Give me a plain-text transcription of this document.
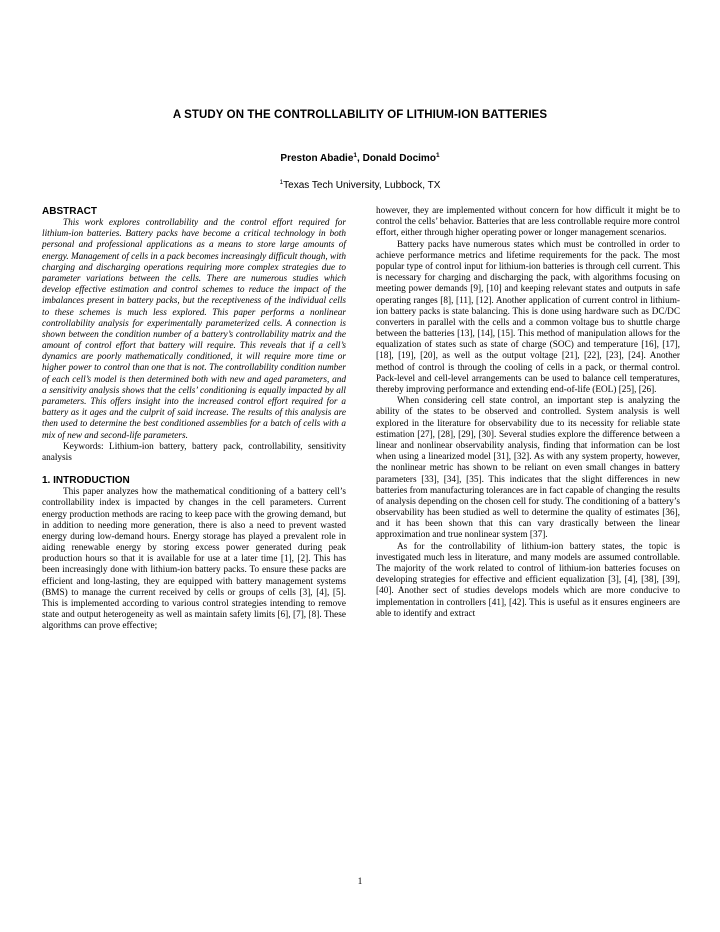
A STUDY ON THE CONTROLLABILITY OF LITHIUM-ION BATTERIES
Preston Abadie$^1$, Donald Docimo$^1$
$^1$Texas Tech University, Lubbock, TX
ABSTRACT

This work explores controllability and the control effort required for lithium-ion batteries. Battery packs have become a critical technology in both personal and professional applications as a means to store large amounts of energy. Management of cells in a pack becomes increasingly difficult though, with charging and discharging operations requiring more complex strategies due to parameter variations between the cells. There are numerous studies which develop effective estimation and control schemes to reduce the impact of the imbalances present in battery packs, but the receptiveness of the individual cells to these schemes is much less explored. This paper performs a nonlinear controllability analysis for experimentally parameterized cells. A connection is shown between the condition number of a battery’s controllability matrix and the amount of control effort that battery will require. This reveals that if a cell’s dynamics are poorly mathematically conditioned, it will require more time or higher power to control than one that is not. The controllability condition number of each cell’s model is then determined both with new and aged parameters, and a sensitivity analysis shows that the cells’ conditioning is equally impacted by all parameters. This offers insight into the increased control effort required for a battery as it ages and the culprit of said increase. The results of this analysis are then used to determine the best conditioned assemblies for a batch of cells with a mix of new and second-life parameters.

Keywords: Lithium-ion battery, battery pack, controllability, sensitivity analysis

1. INTRODUCTION

This paper analyzes how the mathematical conditioning of a battery cell’s controllability index is impacted by changes in the cell parameters. Current energy production methods are racing to keep pace with the growing demand, but in addition to needing more generation, there is also a need to prevent wasted energy during low-demand hours. Energy storage has played a prevalent role in aiding renewable energy by storing excess power generated during peak production hours so that it is available for use at a later time [1], [2]. This has been increasingly done with lithium-ion battery packs. To ensure these packs are efficient and long-lasting, they are equipped with battery management systems (BMS) to manage the current received by cells or groups of cells [3], [4], [5]. This is implemented according to various control strategies intending to remove state and output heterogeneity as well as maintain safety limits [6], [7], [8]. These algorithms can prove effective;

however, they are implemented without concern for how difficult it might be to control the cells’ behavior. Batteries that are less controllable require more control effort, either through higher operating power or longer management scenarios.

Battery packs have numerous states which must be controlled in order to achieve performance metrics and lifetime requirements for the pack. The most popular type of control input for lithium-ion batteries is through cell current. This is necessary for charging and discharging the pack, with algorithms focusing on meeting power demands [9], [10] and keeping relevant states and outputs in safe operating ranges [8], [11], [12]. Another application of current control in lithium-ion battery packs is state balancing. This is done using hardware such as DC/DC converters in parallel with the cells and a common voltage bus to shuttle charge between the batteries [13], [14], [15]. This method of manipulation allows for the equalization of states such as state of charge (SOC) and temperature [16], [17], [18], [19], [20], as well as the output voltage [21], [22], [23], [24]. Another method of control is through the cooling of cells in a pack, or thermal control. Pack-level and cell-level arrangements can be used to balance cell temperatures, thereby improving performance and extending end-of-life (EOL) [25], [26].

When considering cell state control, an important step is analyzing the ability of the states to be observed and controlled. System analysis is well explored in the literature for observability due to its necessity for reliable state estimation [27], [28], [29], [30]. Several studies explore the difference between a linear and nonlinear observability analysis, finding that information can be lost when using a linearized model [31], [32]. As with any system property, however, the nonlinear metric has shown to be reliant on even small changes in battery parameters [33], [34], [35]. This indicates that the slight differences in new batteries from manufacturing tolerances are in fact capable of changing the results of analysis depending on the chosen cell for study. The conditioning of a battery’s observability has been studied as well to determine the quality of estimates [36], and it has been shown that this can vary drastically between the linear approximation and true nonlinear system [37].

As for the controllability of lithium-ion battery states, the topic is investigated much less in literature, and many models are assumed controllable. The majority of the work related to control of lithium-ion batteries focuses on developing strategies for effective and efficient equalization [3], [4], [38], [39], [40]. Another sect of studies develops models which are more conducive to implementation in controllers [41], [42]. This is useful as it ensures engineers are able to identify and extract

1
